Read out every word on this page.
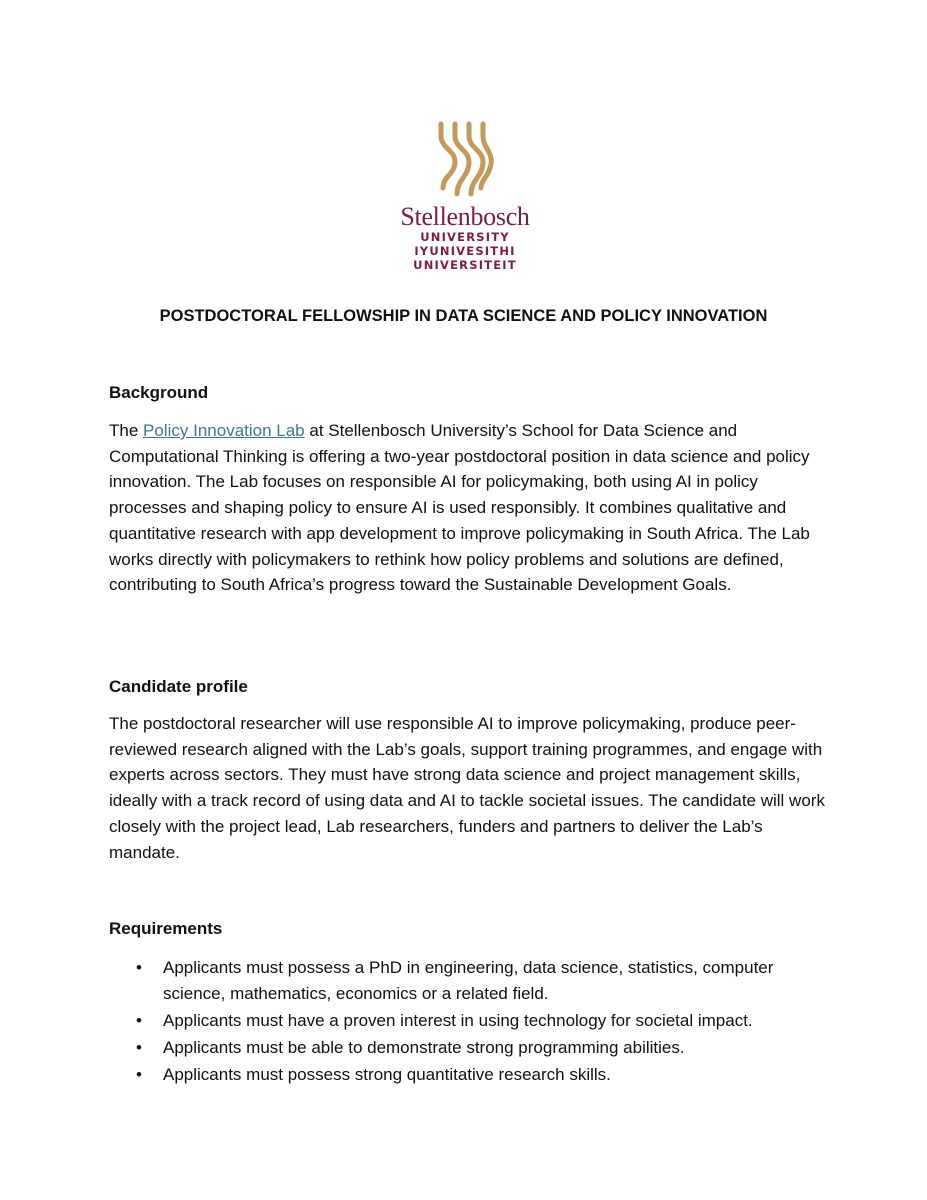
Stellenbosch
UNIVERSITY
IYUNIVESITHI
UNIVERSITEIT
POSTDOCTORAL FELLOWSHIP IN DATA SCIENCE AND POLICY INNOVATION
Background
The Policy Innovation Lab at Stellenbosch University’s School for Data Science and Computational Thinking is offering a two-year postdoctoral position in data science and policy innovation. The Lab focuses on responsible AI for policymaking, both using AI in policy processes and shaping policy to ensure AI is used responsibly. It combines qualitative and quantitative research with app development to improve policymaking in South Africa. The Lab works directly with policymakers to rethink how policy problems and solutions are defined, contributing to South Africa’s progress toward the Sustainable Development Goals.
Candidate profile
The postdoctoral researcher will use responsible AI to improve policymaking, produce peer-reviewed research aligned with the Lab’s goals, support training programmes, and engage with experts across sectors. They must have strong data science and project management skills, ideally with a track record of using data and AI to tackle societal issues. The candidate will work closely with the project lead, Lab researchers, funders and partners to deliver the Lab’s mandate.
Requirements
• Applicants must possess a PhD in engineering, data science, statistics, computer science, mathematics, economics or a related field.
• Applicants must have a proven interest in using technology for societal impact.
• Applicants must be able to demonstrate strong programming abilities.
• Applicants must possess strong quantitative research skills.
